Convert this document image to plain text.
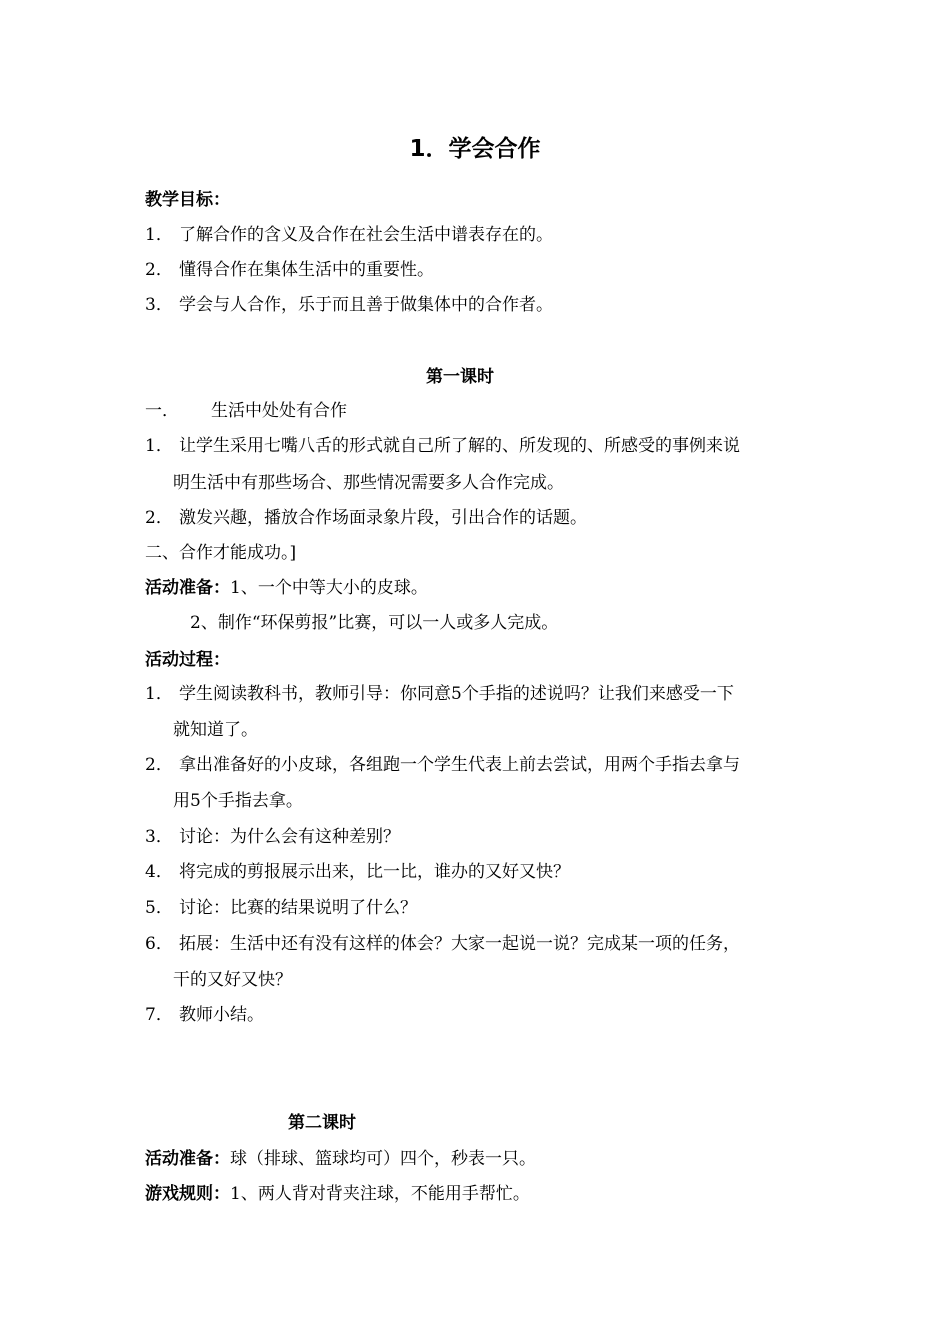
1．学会合作
教学目标：
1． 了解合作的含义及合作在社会生活中谱表存在的。
2． 懂得合作在集体生活中的重要性。
3． 学会与人合作，乐于而且善于做集体中的合作者。
第一课时
一． 生活中处处有合作
1． 让学生采用七嘴八舌的形式就自己所了解的、所发现的、所感受的事例来说
明生活中有那些场合、那些情况需要多人合作完成。
2． 激发兴趣，播放合作场面录象片段，引出合作的话题。
二、合作才能成功。]
活动准备：1、一个中等大小的皮球。
2、制作“环保剪报”比赛，可以一人或多人完成。
活动过程：
1． 学生阅读教科书，教师引导：你同意5个手指的述说吗？让我们来感受一下
就知道了。
2． 拿出准备好的小皮球，各组跑一个学生代表上前去尝试，用两个手指去拿与
用5个手指去拿。
3． 讨论：为什么会有这种差别？
4． 将完成的剪报展示出来，比一比，谁办的又好又快？
5． 讨论：比赛的结果说明了什么？
6． 拓展：生活中还有没有这样的体会？大家一起说一说？完成某一项的任务，
干的又好又快？
7． 教师小结。
第二课时
活动准备：球（排球、篮球均可）四个，秒表一只。
游戏规则：1、两人背对背夹注球，不能用手帮忙。
